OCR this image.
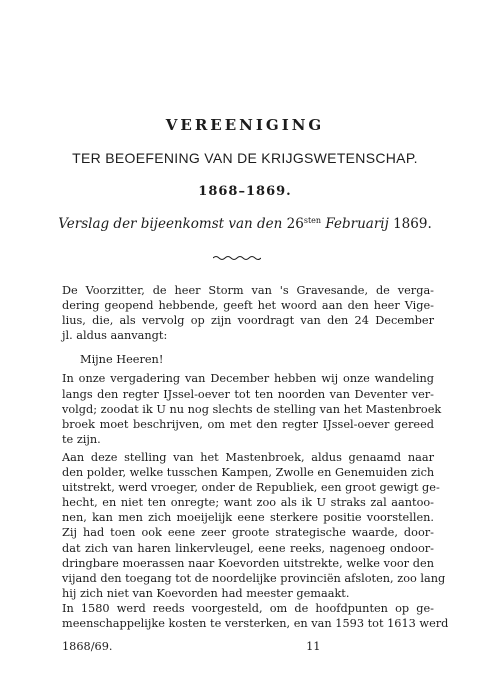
VEREENIGING
TER BEOEFENING VAN DE KRIJGSWETENSCHAP.
1868–1869.
Verslag der bijeenkomst van den $26^{sten}$ Februarij 1869.
De Voorzitter, de heer Storm van 's Gravesande, de verga-
dering geopend hebbende, geeft het woord aan den heer Vige-
lius, die, als vervolg op zijn voordragt van den 24 December
jl. aldus aanvangt:
Mijne Heeren!
In onze vergadering van December hebben wij onze wandeling
langs den regter IJssel-oever tot ten noorden van Deventer ver-
volgd; zoodat ik U nu nog slechts de stelling van het Mastenbroek
broek moet beschrijven, om met den regter IJssel-oever gereed
te zijn.
Aan deze stelling van het Mastenbroek, aldus genaamd naar
den polder, welke tusschen Kampen, Zwolle en Genemuiden zich
uitstrekt, werd vroeger, onder de Republiek, een groot gewigt ge-
hecht, en niet ten onregte; want zoo als ik U straks zal aantoo-
nen, kan men zich moeijelijk eene sterkere positie voorstellen.
Zij had toen ook eene zeer groote strategische waarde, door-
dat zich van haren linkervleugel, eene reeks, nagenoeg ondoor-
dringbare moerassen naar Koevorden uitstrekte, welke voor den
vijand den toegang tot de noordelijke provinciën afsloten, zoo lang
hij zich niet van Koevorden had meester gemaakt.
In 1580 werd reeds voorgesteld, om de hoofdpunten op ge-
meenschappelijke kosten te versterken, en van 1593 tot 1613 werd
1868/69.	11
